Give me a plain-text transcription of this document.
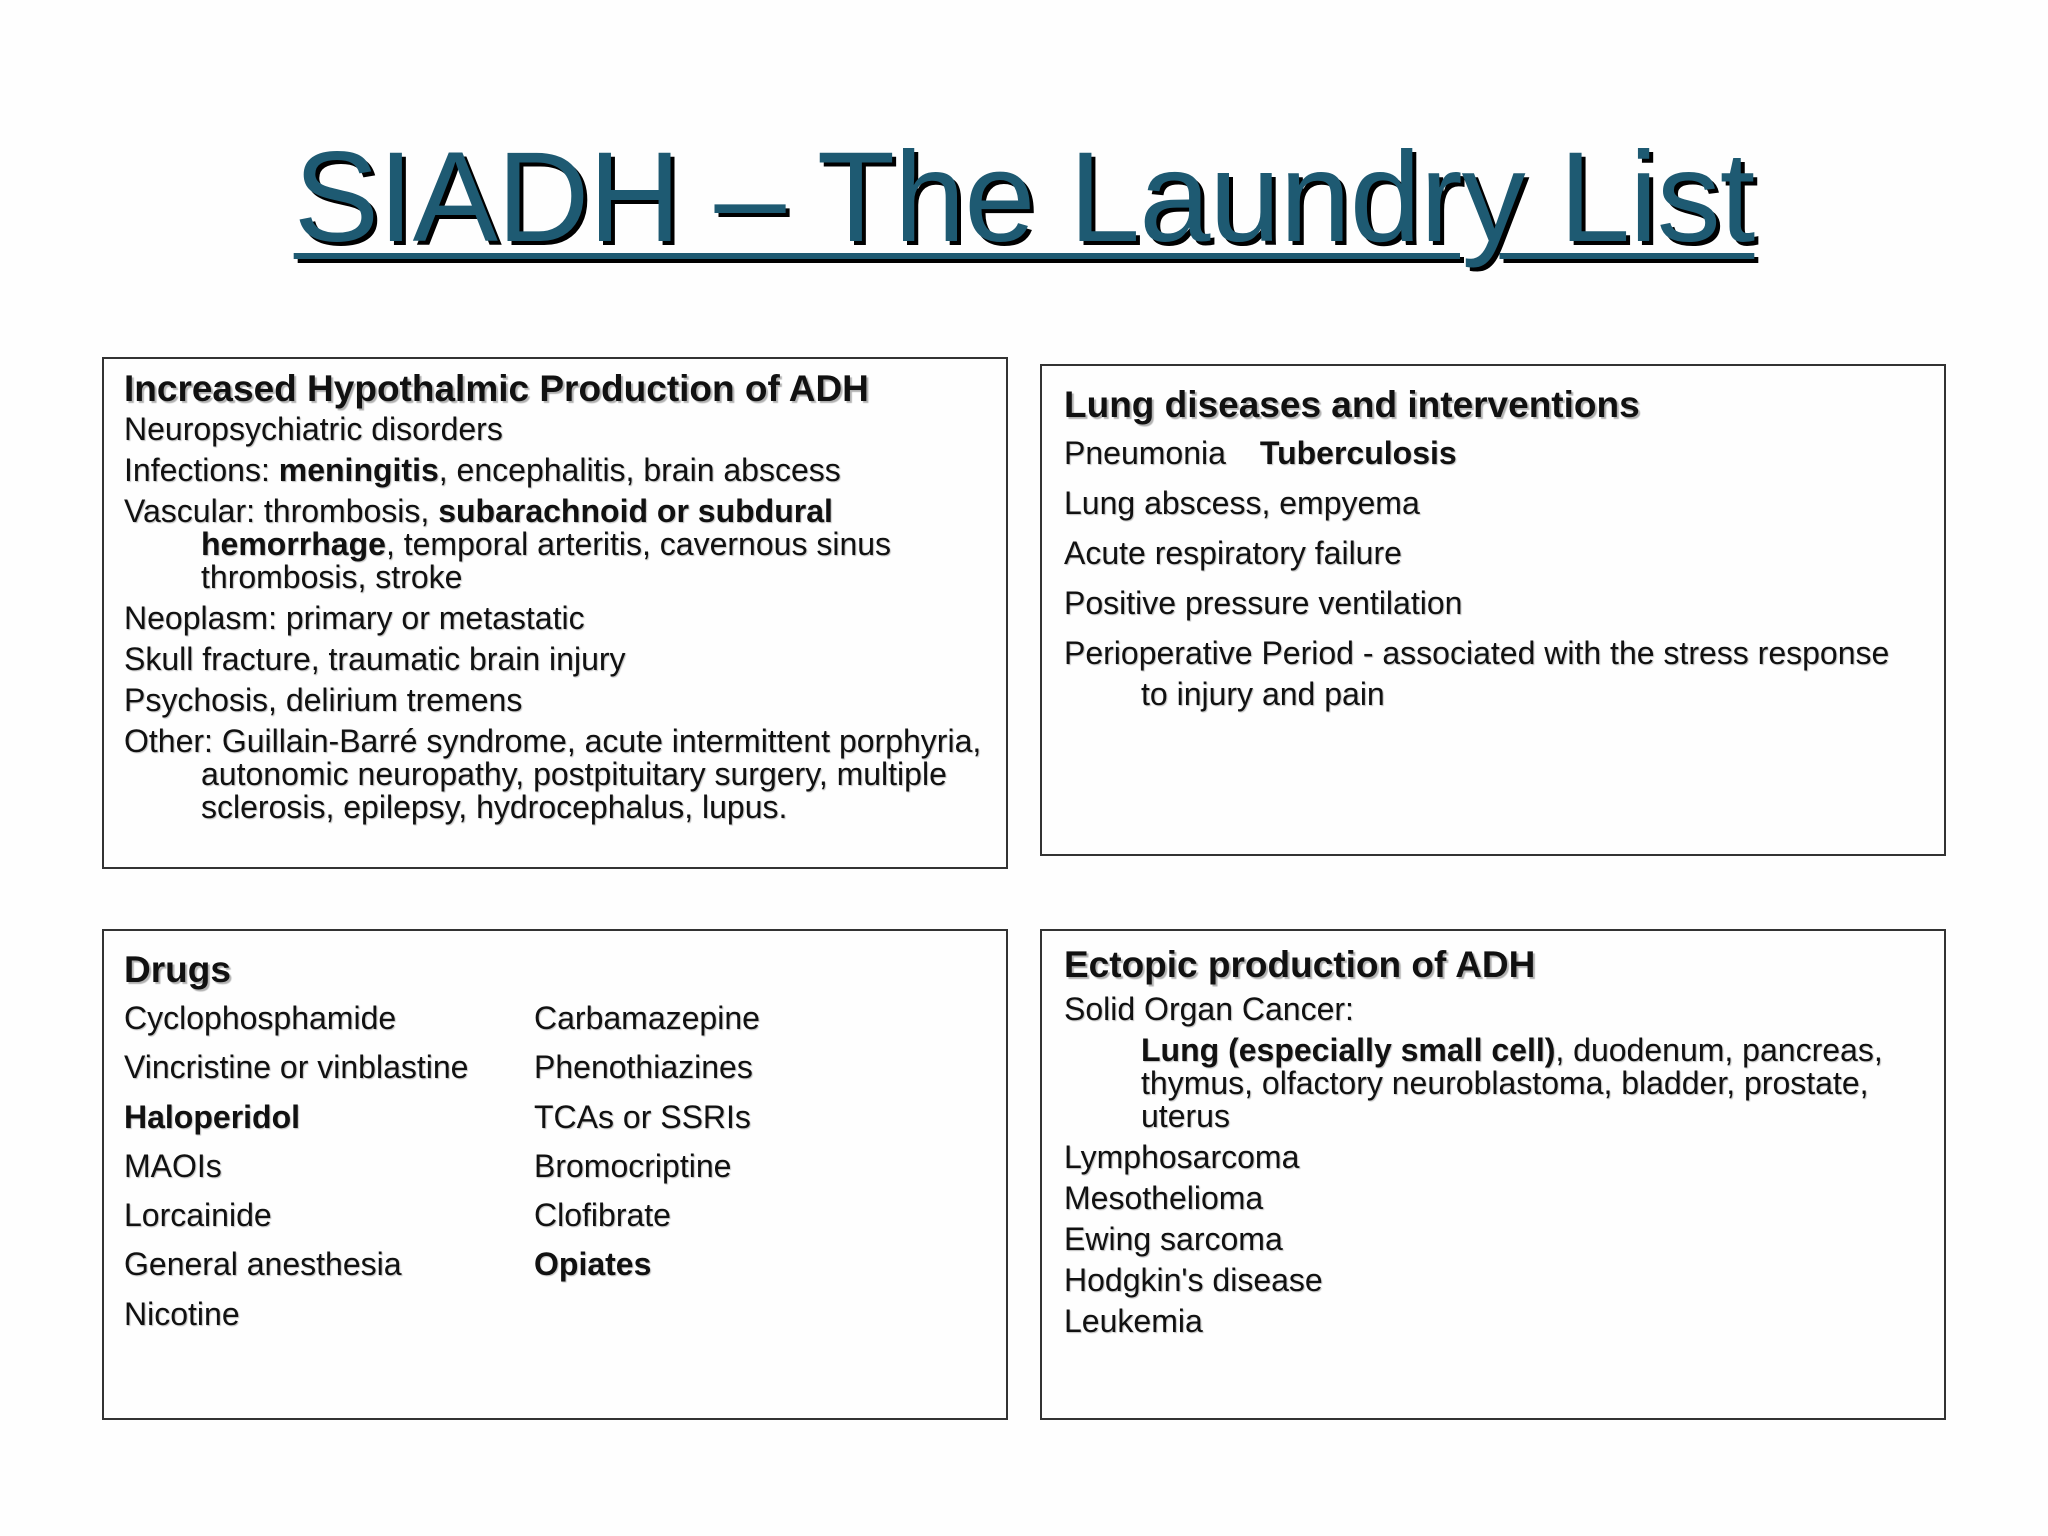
SIADH – The Laundry List
Increased Hypothalmic Production of ADH
Neuropsychiatric disorders
Infections: meningitis, encephalitis, brain abscess
Vascular: thrombosis, subarachnoid or subdural hemorrhage, temporal arteritis, cavernous sinus thrombosis, stroke
Neoplasm: primary or metastatic
Skull fracture, traumatic brain injury
Psychosis, delirium tremens
Other: Guillain-Barré syndrome, acute intermittent porphyria, autonomic neuropathy, postpituitary surgery, multiple sclerosis, epilepsy, hydrocephalus, lupus.
Lung diseases and interventions
Pneumonia Tuberculosis
Lung abscess, empyema
Acute respiratory failure
Positive pressure ventilation
Perioperative Period - associated with the stress response to injury and pain
Drugs
Cyclophosphamide
Vincristine or vinblastine
Haloperidol
MAOIs
Lorcainide
General anesthesia
Nicotine
Carbamazepine
Phenothiazines
TCAs or SSRIs
Bromocriptine
Clofibrate
Opiates
Ectopic production of ADH
Solid Organ Cancer:
Lung (especially small cell), duodenum, pancreas, thymus, olfactory neuroblastoma, bladder, prostate, uterus
Lymphosarcoma
Mesothelioma
Ewing sarcoma
Hodgkin's disease
Leukemia
